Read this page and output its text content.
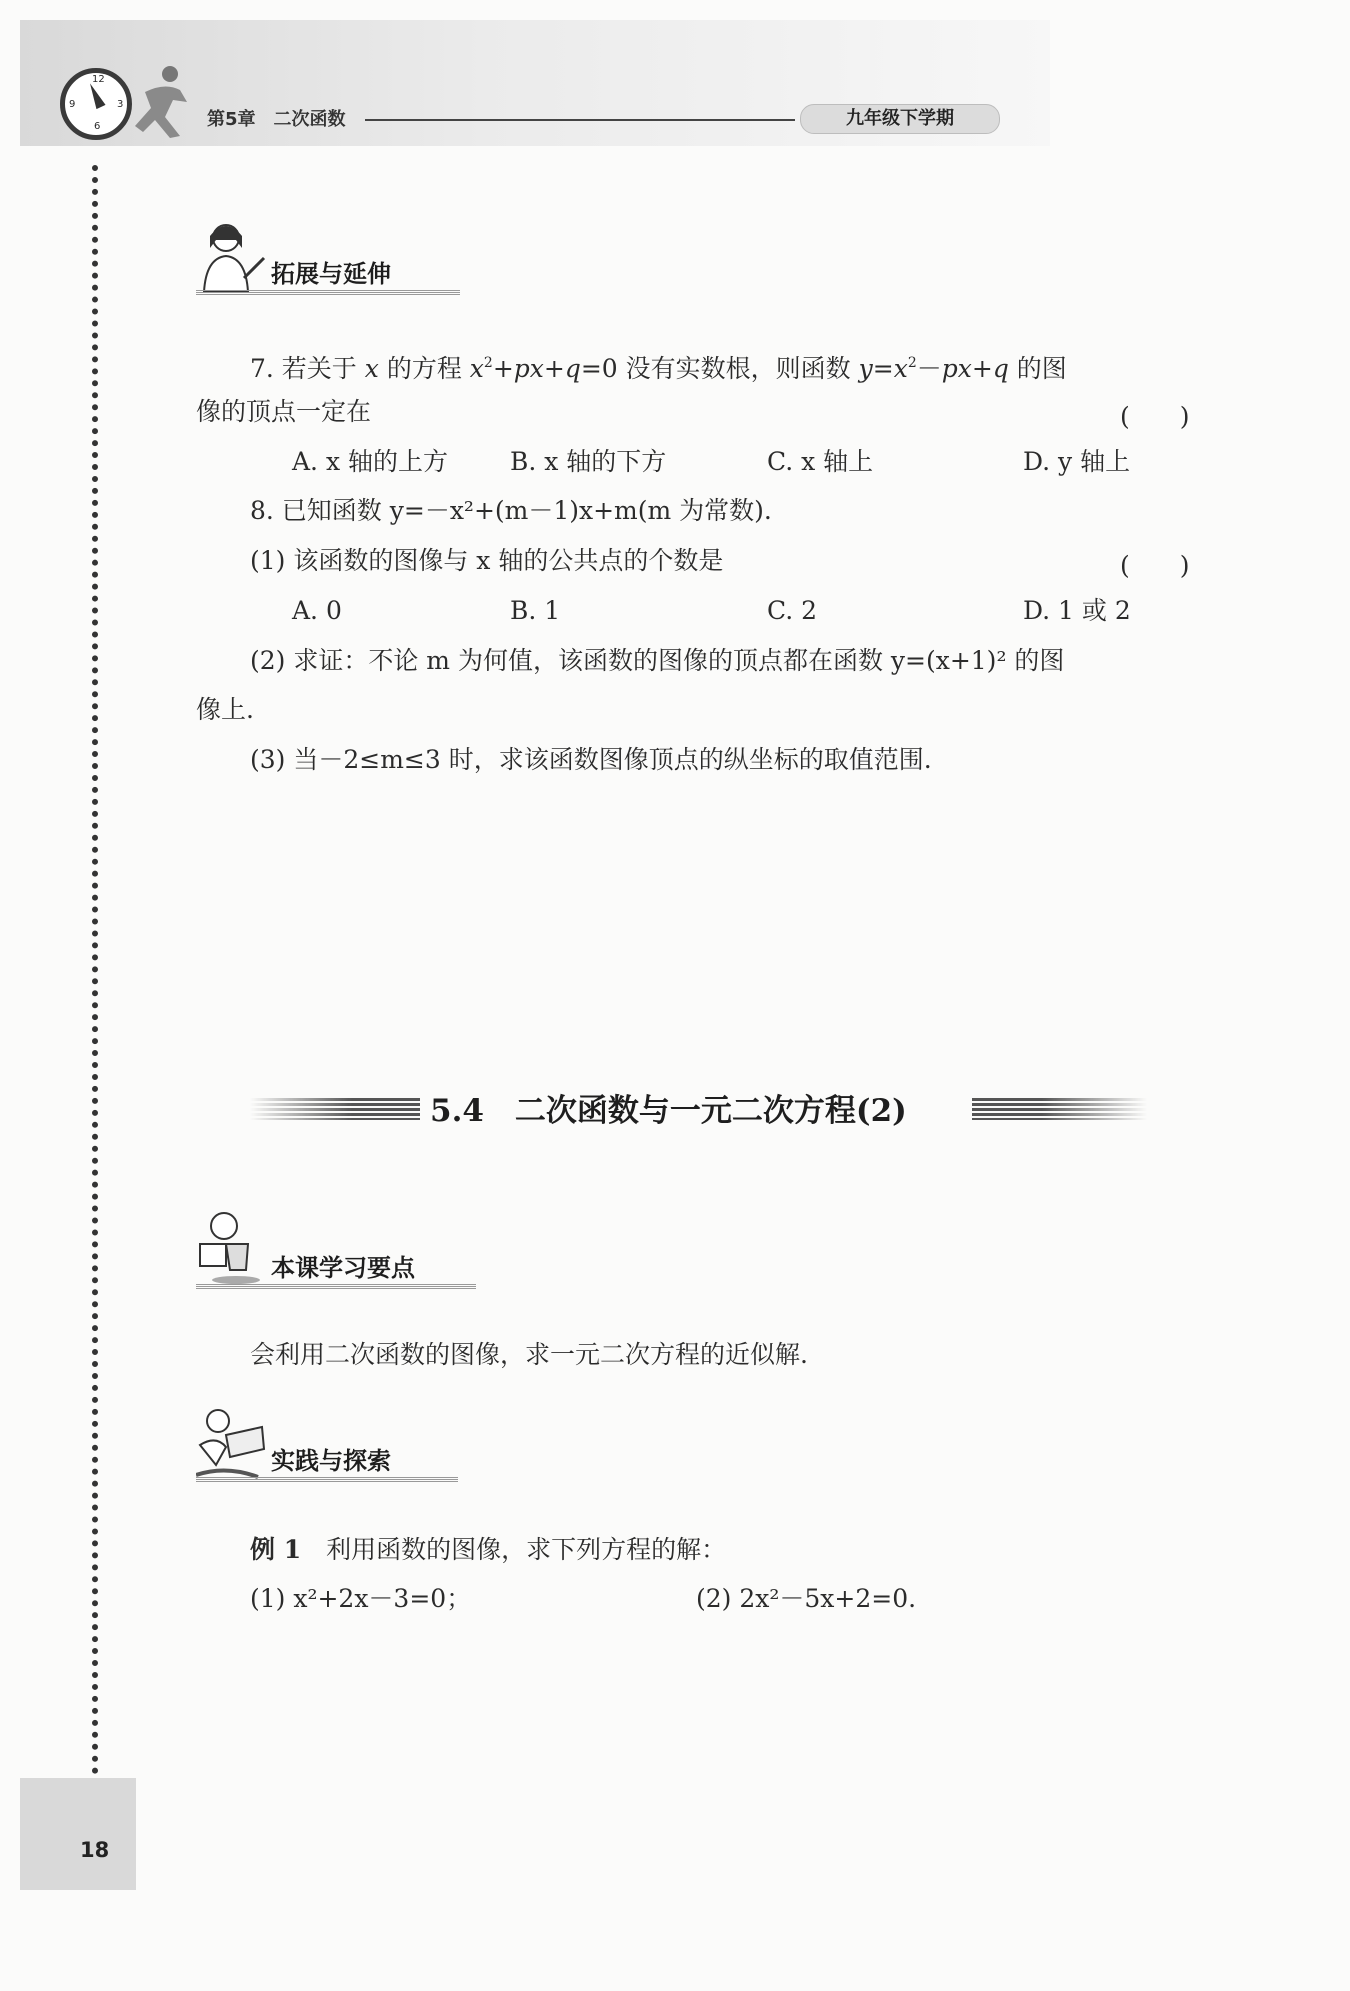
12
3
6
9
第5章　二次函数	九年级下学期
拓展与延伸
7. 若关于 x 的方程 $x^2+px+q=0$ 没有实数根，则函数 $y=x^2-px+q$ 的图
像的顶点一定在	(　　)
A. x 轴的上方 B. x 轴的下方	C. x 轴上	D. y 轴上
8. 已知函数 y=－x²+(m－1)x+m(m 为常数).
(1) 该函数的图像与 x 轴的公共点的个数是	(　　)
A. 0	B. 1	C. 2	D. 1 或 2
(2) 求证：不论 m 为何值，该函数的图像的顶点都在函数 y=(x+1)² 的图
像上.
(3) 当－2≤m≤3 时，求该函数图像顶点的纵坐标的取值范围.
5.4　二次函数与一元二次方程(2)
本课学习要点
会利用二次函数的图像，求一元二次方程的近似解.
实践与探索
例 1　 利用函数的图像，求下列方程的解：
(1) x²+2x－3=0；	(2) 2x²－5x+2=0.
18
